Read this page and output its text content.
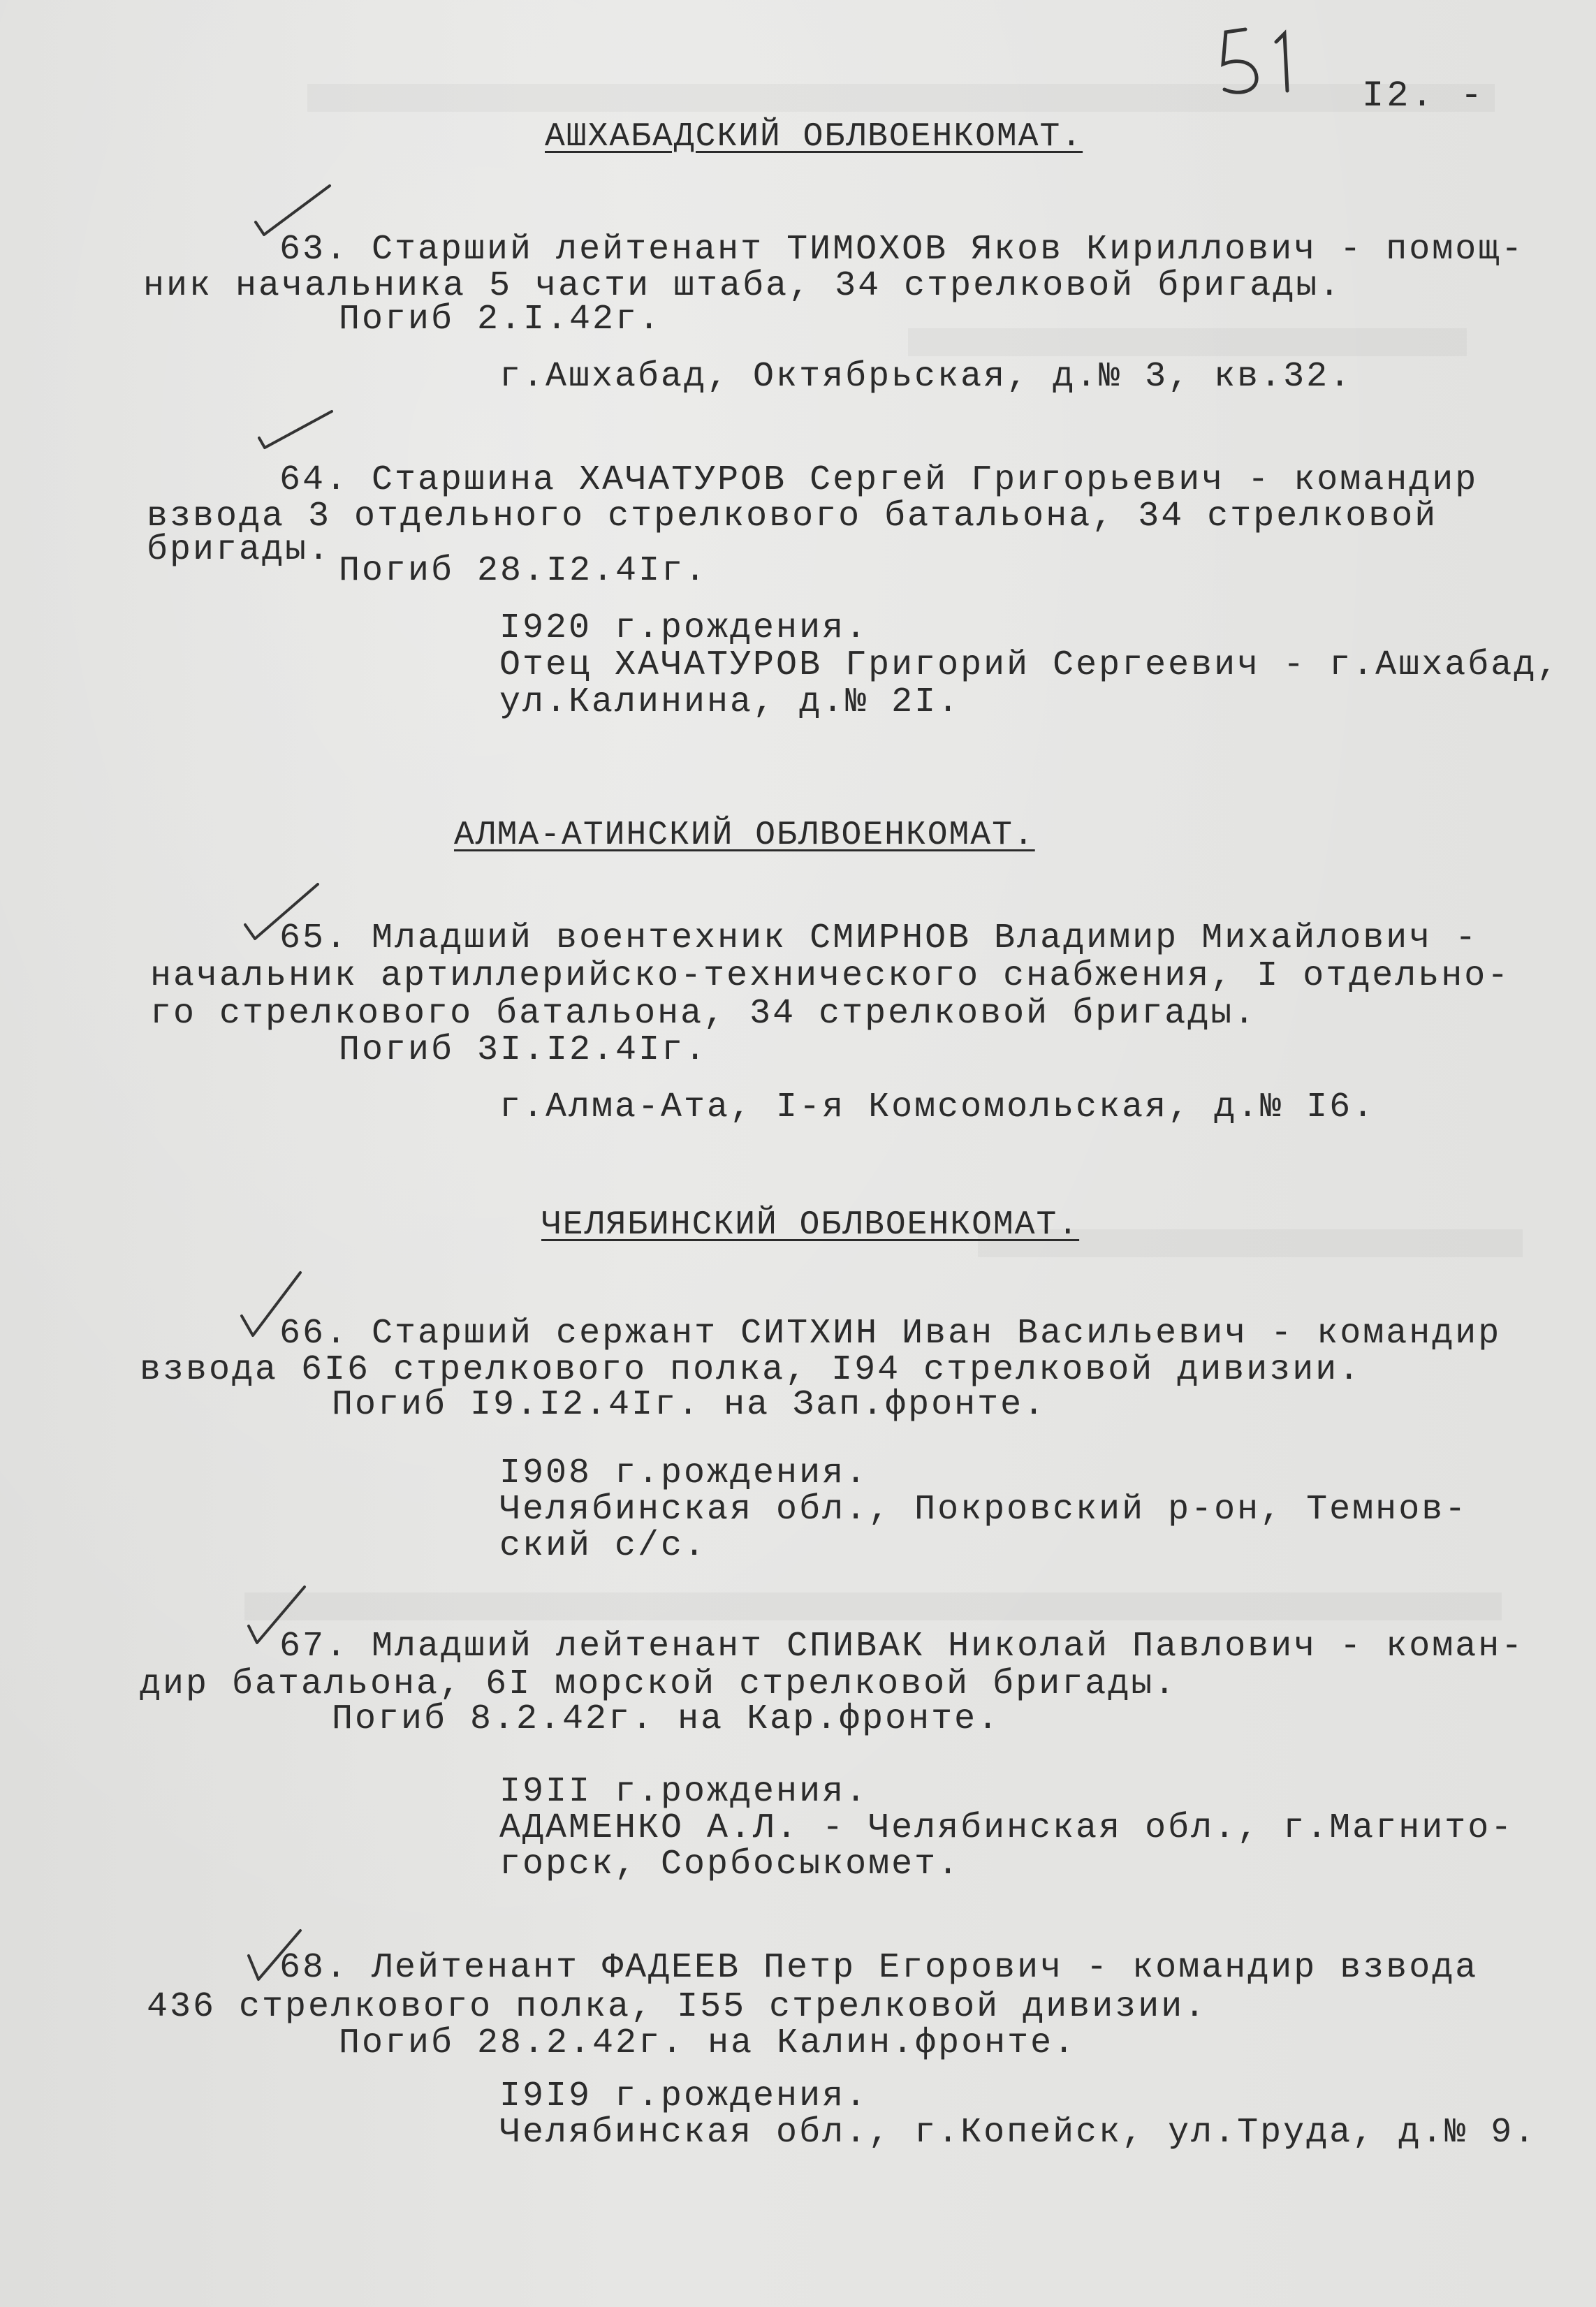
I2. -
АШХАБАДСКИЙ ОБЛВОЕНКОМАТ.
63. Старший лейтенант ТИМОХОВ Яков Кириллович - помощ-
ник начальника 5 части штаба, 34 стрелковой бригады.
Погиб 2.I.42г.
г.Ашхабад, Октябрьская, д.№ 3, кв.32.
64. Старшина ХАЧАТУРОВ Сергей Григорьевич - командир
взвода 3 отдельного стрелкового батальона, 34 стрелковой
бригады.
Погиб 28.I2.4Iг.
I920 г.рождения.
Отец ХАЧАТУРОВ Григорий Сергеевич - г.Ашхабад,
ул.Калинина, д.№ 2I.
АЛМА-АТИНСКИЙ ОБЛВОЕНКОМАТ.
65. Младший воентехник СМИРНОВ Владимир Михайлович -
начальник артиллерийско-технического снабжения, I отдельно-
го стрелкового батальона, 34 стрелковой бригады.
Погиб 3I.I2.4Iг.
г.Алма-Ата, I-я Комсомольская, д.№ I6.
ЧЕЛЯБИНСКИЙ ОБЛВОЕНКОМАТ.
66. Старший сержант СИТХИН Иван Васильевич - командир
взвода 6I6 стрелкового полка, I94 стрелковой дивизии.
Погиб I9.I2.4Iг. на Зап.фронте.
I908 г.рождения.
Челябинская обл., Покровский р-он, Темнов-
ский с/с.
67. Младший лейтенант СПИВАК Николай Павлович - коман-
дир батальона, 6I морской стрелковой бригады.
Погиб 8.2.42г. на Кар.фронте.
I9II г.рождения.
АДАМЕНКО А.Л. - Челябинская обл., г.Магнито-
горск, Сорбосыкомет.
68. Лейтенант ФАДЕЕВ Петр Егорович - командир взвода
436 стрелкового полка, I55 стрелковой дивизии.
Погиб 28.2.42г. на Калин.фронте.
I9I9 г.рождения.
Челябинская обл., г.Копейск, ул.Труда, д.№ 9.
